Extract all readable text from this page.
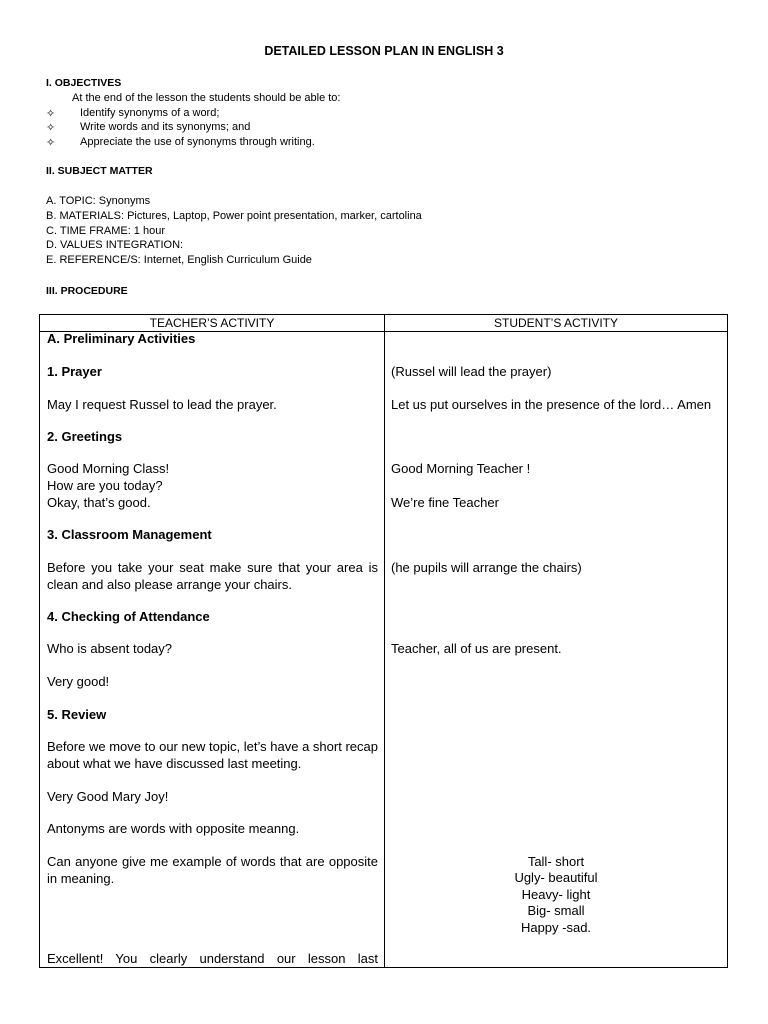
DETAILED LESSON PLAN IN ENGLISH 3
I. OBJECTIVES
At the end of the lesson the students should be able to:
✧ Identify synonyms of a word;
✧ Write words and its synonyms; and
✧ Appreciate the use of synonyms through writing.
II. SUBJECT MATTER
A. TOPIC: Synonyms
B. MATERIALS: Pictures, Laptop, Power point presentation, marker, cartolina
C. TIME FRAME: 1 hour
D. VALUES INTEGRATION:
E. REFERENCE/S: Internet, English Curriculum Guide
III. PROCEDURE
TEACHER’S ACTIVITY	STUDENT’S ACTIVITY
A. Preliminary Activities
1. Prayer
May I request Russel to lead the prayer.
2. Greetings
Good Morning Class!
How are you today?
Okay, that’s good.
3. Classroom Management
Before you take your seat make sure that your area is clean and also please arrange your chairs.
4. Checking of Attendance
Who is absent today?
Very good!
5. Review
Before we move to our new topic, let’s have a short recap about what we have discussed last meeting.
Very Good Mary Joy!
Antonyms are words with opposite meanng.
Can anyone give me example of words that are opposite in meaning.
Excellent! You clearly understand our lesson last
(Russel will lead the prayer)
Let us put ourselves in the presence of the lord… Amen
Good Morning Teacher !
We’re fine Teacher
(he pupils will arrange the chairs)
Teacher, all of us are present.
Tall- short
Ugly- beautiful
Heavy- light
Big- small
Happy -sad.
